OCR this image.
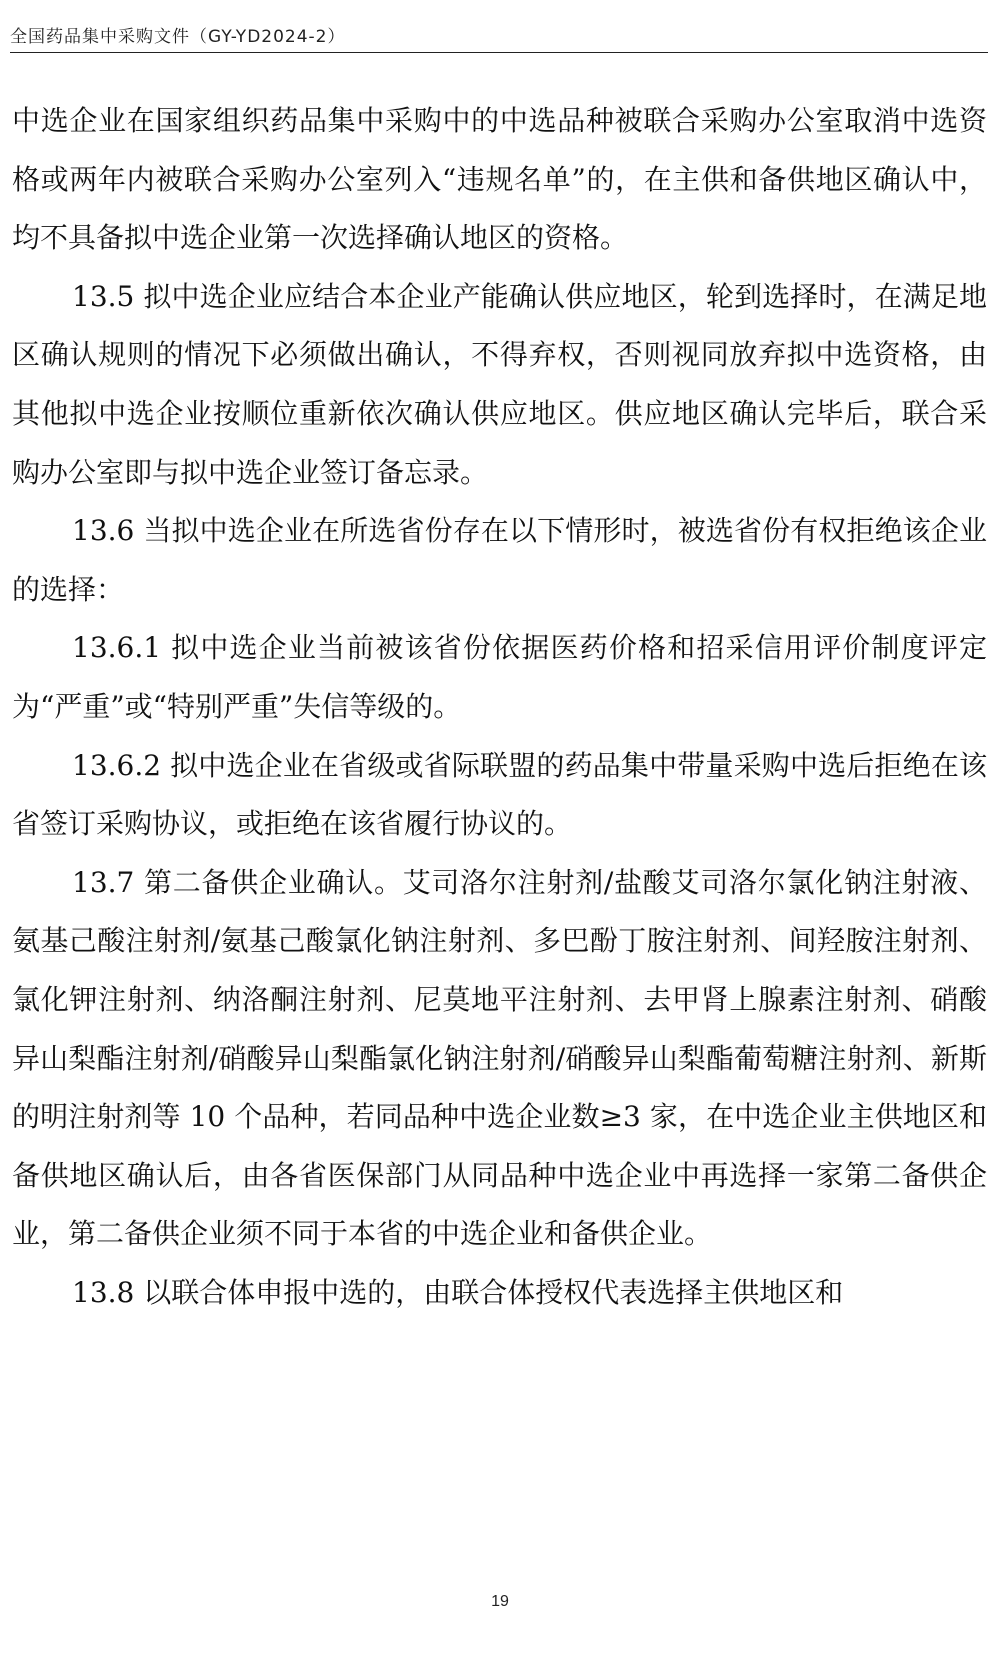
全国药品集中采购文件（GY-YD2024-2）

中选企业在国家组织药品集中采购中的中选品种被联合采购办公室取消中选资格或两年内被联合采购办公室列入“违规名单”的，在主供和备供地区确认中，均不具备拟中选企业第一次选择确认地区的资格。

13.5 拟中选企业应结合本企业产能确认供应地区，轮到选择时，在满足地区确认规则的情况下必须做出确认，不得弃权，否则视同放弃拟中选资格，由其他拟中选企业按顺位重新依次确认供应地区。供应地区确认完毕后，联合采购办公室即与拟中选企业签订备忘录。

13.6 当拟中选企业在所选省份存在以下情形时，被选省份有权拒绝该企业的选择：

13.6.1 拟中选企业当前被该省份依据医药价格和招采信用评价制度评定为“严重”或“特别严重”失信等级的。

13.6.2 拟中选企业在省级或省际联盟的药品集中带量采购中选后拒绝在该省签订采购协议，或拒绝在该省履行协议的。

13.7 第二备供企业确认。艾司洛尔注射剂/盐酸艾司洛尔氯化钠注射液、氨基己酸注射剂/氨基己酸氯化钠注射剂、多巴酚丁胺注射剂、间羟胺注射剂、氯化钾注射剂、纳洛酮注射剂、尼莫地平注射剂、去甲肾上腺素注射剂、硝酸异山梨酯注射剂/硝酸异山梨酯氯化钠注射剂/硝酸异山梨酯葡萄糖注射剂、新斯的明注射剂等 10 个品种，若同品种中选企业数≥3 家，在中选企业主供地区和备供地区确认后，由各省医保部门从同品种中选企业中再选择一家第二备供企业，第二备供企业须不同于本省的中选企业和备供企业。

13.8 以联合体申报中选的，由联合体授权代表选择主供地区和

19
